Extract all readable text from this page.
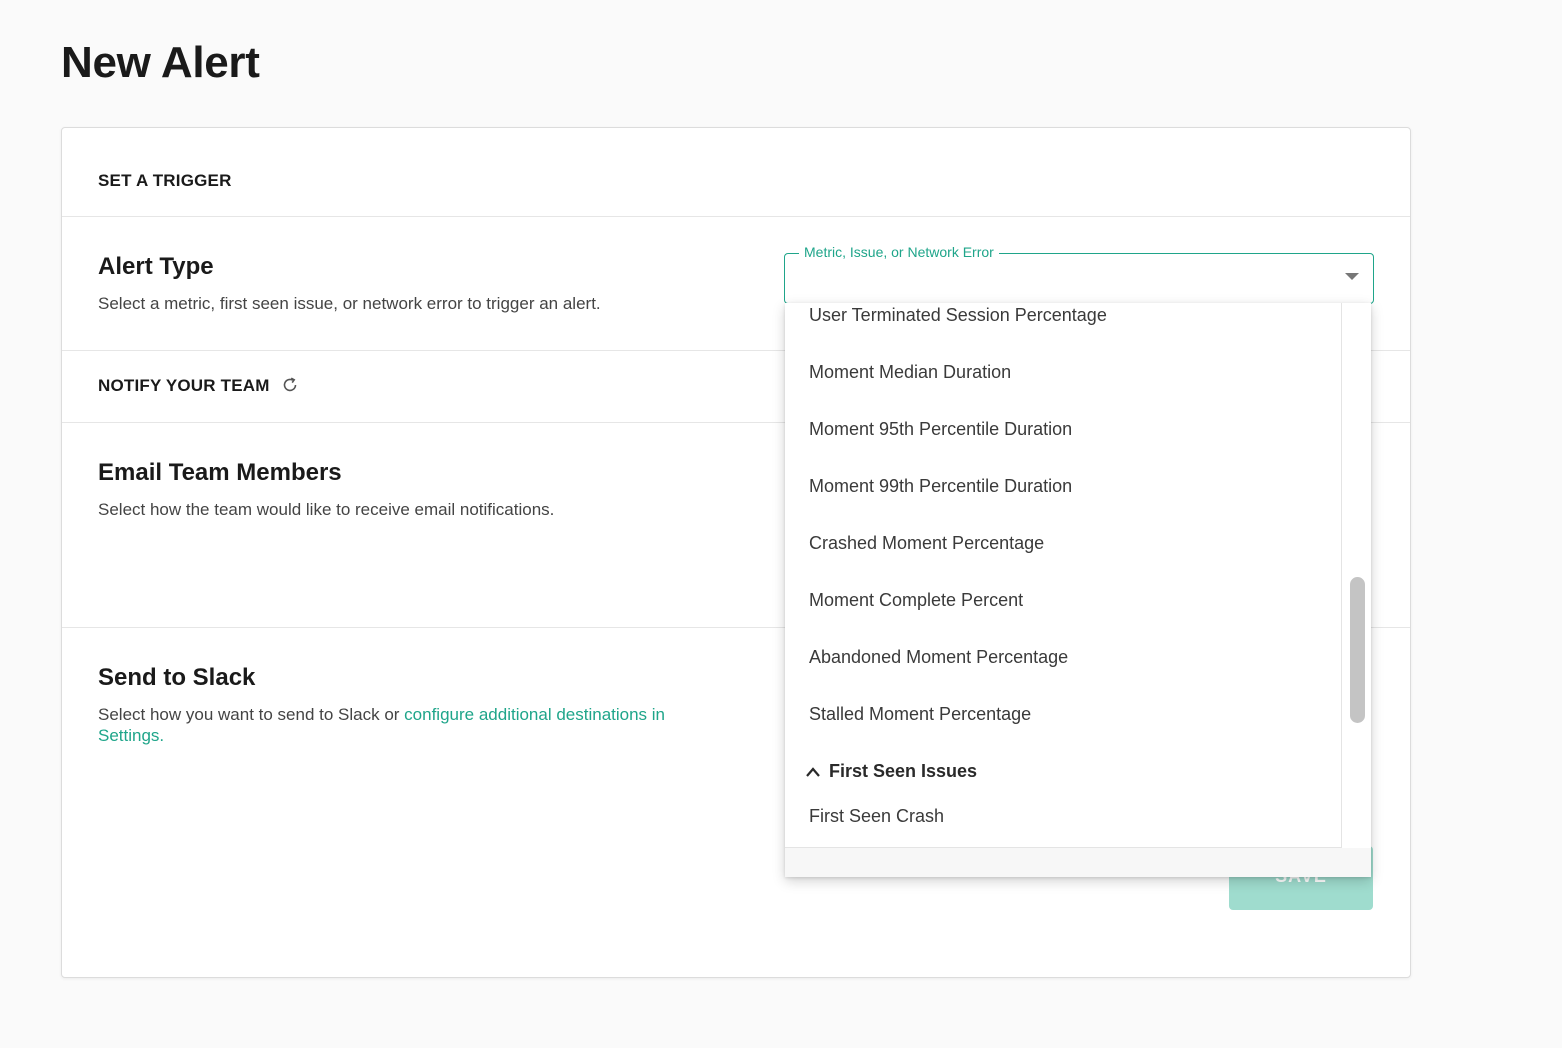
New Alert
SET A TRIGGER
Alert Type
Select a metric, first seen issue, or network error to trigger an alert.
Metric, Issue, or Network Error
NOTIFY YOUR TEAM
Email Team Members
Select how the team would like to receive email notifications.
Send to Slack
Select how you want to send to Slack or configure additional destinations in Settings.
User Terminated Session Percentage
Moment Median Duration
Moment 95th Percentile Duration
Moment 99th Percentile Duration
Crashed Moment Percentage
Moment Complete Percent
Abandoned Moment Percentage
Stalled Moment Percentage
First Seen Issues
First Seen Crash
